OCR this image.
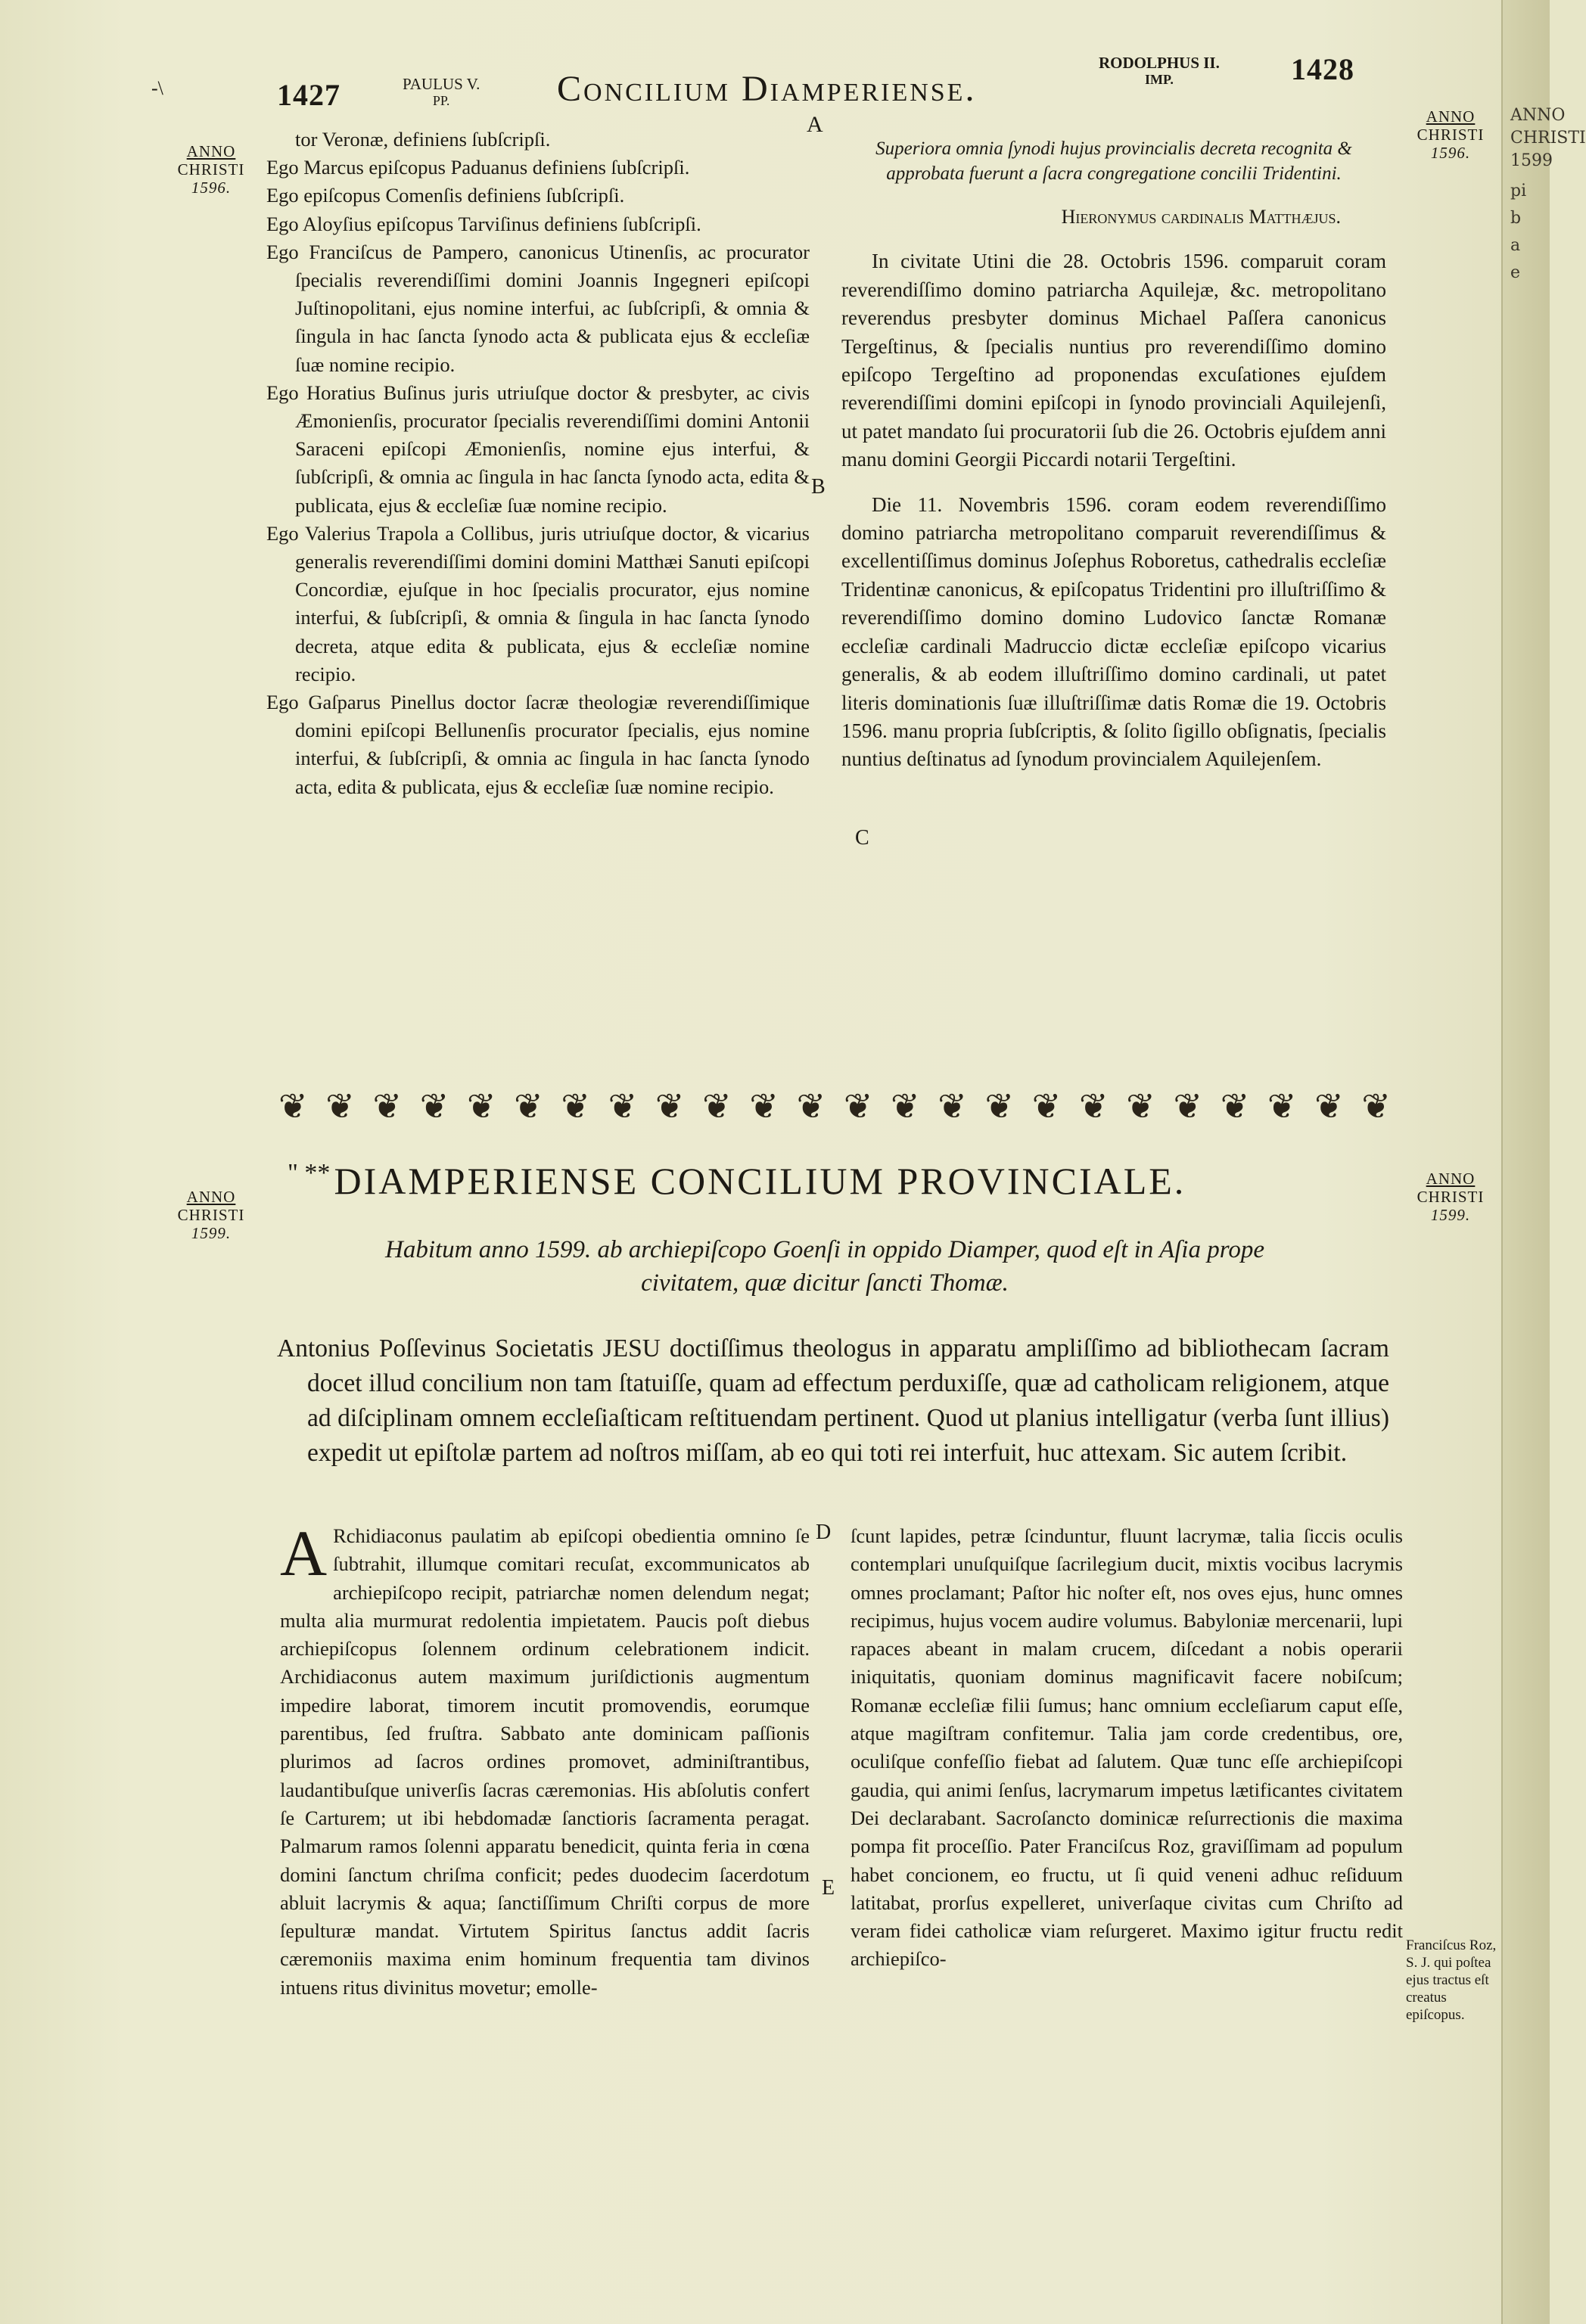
-\	1427	PAULUS V.
PP.	Concilium Diamperiense.
A
RODOLPHUS II.
IMP.	1428
ANNO
CHRISTI
1596.
ANNO
CHRISTI
1596.

tor Veronæ, definiens ſubſcripſi.

Ego Marcus epiſcopus Paduanus definiens ſubſcripſi.

Ego epiſcopus Comenſis definiens ſubſcripſi.

Ego Aloyſius epiſcopus Tarviſinus definiens ſubſcripſi.

Ego Franciſcus de Pampero, canonicus Utinenſis, ac procurator ſpecialis reverendiſſimi domini Joannis Ingegneri epiſcopi Juſtinopolitani, ejus nomine interfui, ac ſubſcripſi, & omnia & ſingula in hac ſancta ſynodo acta & publicata ejus & eccleſiæ ſuæ nomine recipio.

Ego Horatius Buſinus juris utriuſque doctor & presbyter, ac civis Æmonienſis, procurator ſpecialis reverendiſſimi domini Antonii Saraceni epiſcopi Æmonienſis, nomine ejus interfui, & ſubſcripſi, & omnia ac ſingula in hac ſancta ſynodo acta, edita & publicata, ejus & eccleſiæ ſuæ nomine recipio.

Ego Valerius Trapola a Collibus, juris utriuſque doctor, & vicarius generalis reverendiſſimi domini domini Matthæi Sanuti epiſcopi Concordiæ, ejuſque in hoc ſpecialis procurator, ejus nomine interfui, & ſubſcripſi, & omnia & ſingula in hac ſancta ſynodo decreta, atque edita & publicata, ejus & eccleſiæ nomine recipio.

Ego Gaſparus Pinellus doctor ſacræ theologiæ reverendiſſimique domini epiſcopi Bellunenſis procurator ſpecialis, ejus nomine interfui, & ſubſcripſi, & omnia ac ſingula in hac ſancta ſynodo acta, edita & publicata, ejus & eccleſiæ ſuæ nomine recipio.

B
C
D
E

Superiora omnia ſynodi hujus provincialis decreta recognita & approbata fuerunt a ſacra congregatione concilii Tridentini.

Hieronymus cardinalis Matthæjus.

In civitate Utini die 28. Octobris 1596. comparuit coram reverendiſſimo domino patriarcha Aquilejæ, &c. metropolitano reverendus presbyter dominus Michael Paſſera canonicus Tergeſtinus, & ſpecialis nuntius pro reverendiſſimo domino epiſcopo Tergeſtino ad proponendas excuſationes ejuſdem reverendiſſimi domini epiſcopi in ſynodo provinciali Aquilejenſi, ut patet mandato ſui procuratorii ſub die 26. Octobris ejuſdem anni manu domini Georgii Piccardi notarii Tergeſtini.

Die 11. Novembris 1596. coram eodem reverendiſſimo domino patriarcha metropolitano comparuit reverendiſſimus & excellentiſſimus dominus Joſephus Roboretus, cathedralis eccleſiæ Tridentinæ canonicus, & epiſcopatus Tridentini pro illuſtriſſimo & reverendiſſimo domino domino Ludovico ſanctæ Romanæ eccleſiæ cardinali Madruccio dictæ eccleſiæ epiſcopo vicarius generalis, & ab eodem illuſtriſſimo domino cardinali, ut patet literis dominationis ſuæ illuſtriſſimæ datis Romæ die 19. Octobris 1596. manu propria ſubſcriptis, & ſolito ſigillo obſignatis, ſpecialis nuntius deſtinatus ad ſynodum provincialem Aquilejenſem.

❦ ❦ ❦ ❦ ❦ ❦ ❦ ❦ ❦ ❦ ❦ ❦ ❦ ❦ ❦ ❦ ❦ ❦ ❦ ❦ ❦ ❦ ❦ ❦
ANNO
CHRISTI
1599.
ANNO
CHRISTI
1599.
" ** DIAMPERIENSE CONCILIUM PROVINCIALE.
Habitum anno 1599. ab archiepiſcopo Goenſi in oppido Diamper, quod eſt in Aſia prope civitatem, quæ dicitur ſancti Thomæ.

Antonius Poſſevinus Societatis JESU doctiſſimus theologus in apparatu ampliſſimo ad bibliothecam ſacram docet illud concilium non tam ſtatuiſſe, quam ad effectum perduxiſſe, quæ ad catholicam religionem, atque ad diſciplinam omnem eccleſiaſticam reſtituendam pertinent. Quod ut planius intelligatur (verba ſunt illius) expedit ut epiſtolæ partem ad noſtros miſſam, ab eo qui toti rei interfuit, huc attexam. Sic autem ſcribit.

A Rchidiaconus paulatim ab epiſcopi obedientia omnino ſe ſubtrahit, illumque comitari recuſat, excommunicatos ab archiepiſcopo recipit, patriarchæ nomen delendum negat; multa alia murmurat redolentia impietatem. Paucis poſt diebus archiepiſcopus ſolennem ordinum celebrationem indicit. Archidiaconus autem maximum juriſdictionis augmentum impedire laborat, timorem incutit promovendis, eorumque parentibus, ſed fruſtra. Sabbato ante dominicam paſſionis plurimos ad ſacros ordines promovet, adminiſtrantibus, laudantibuſque univerſis ſacras cæremonias. His abſolutis confert ſe Carturem; ut ibi hebdomadæ ſanctioris ſacramenta peragat. Palmarum ramos ſolenni apparatu benedicit, quinta feria in cœna domini ſanctum chriſma conficit; pedes duodecim ſacerdotum abluit lacrymis & aqua; ſanctiſſimum Chriſti corpus de more ſepulturæ mandat. Virtutem Spiritus ſanctus addit ſacris cæremoniis maxima enim hominum frequentia tam divinos intuens ritus divinitus movetur; emolle-

ſcunt lapides, petræ ſcinduntur, fluunt lacrymæ, talia ſiccis oculis contemplari unuſquiſque ſacrilegium ducit, mixtis vocibus lacrymis omnes proclamant; Paſtor hic noſter eſt, nos oves ejus, hunc omnes recipimus, hujus vocem audire volumus. Babyloniæ mercenarii, lupi rapaces abeant in malam crucem, diſcedant a nobis operarii iniquitatis, quoniam dominus magnificavit facere nobiſcum; Romanæ eccleſiæ filii ſumus; hanc omnium eccleſiarum caput eſſe, atque magiſtram confitemur. Talia jam corde credentibus, ore, oculiſque confeſſio fiebat ad ſalutem. Quæ tunc eſſe archiepiſcopi gaudia, qui animi ſenſus, lacrymarum impetus lætificantes civitatem Dei declarabant. Sacroſancto dominicæ reſurrectionis die maxima pompa fit proceſſio. Pater Franciſcus Roz, graviſſimam ad populum habet concionem, eo fructu, ut ſi quid veneni adhuc reſiduum latitabat, prorſus expelleret, univerſaque civitas cum Chriſto ad veram fidei catholicæ viam reſurgeret. Maximo igitur fructu redit archiepiſco-

Franciſcus Roz, S. J. qui poſtea ejus tractus eſt creatus epiſcopus.
ANNO
CHRISTI
1599
pi
b
a
e
